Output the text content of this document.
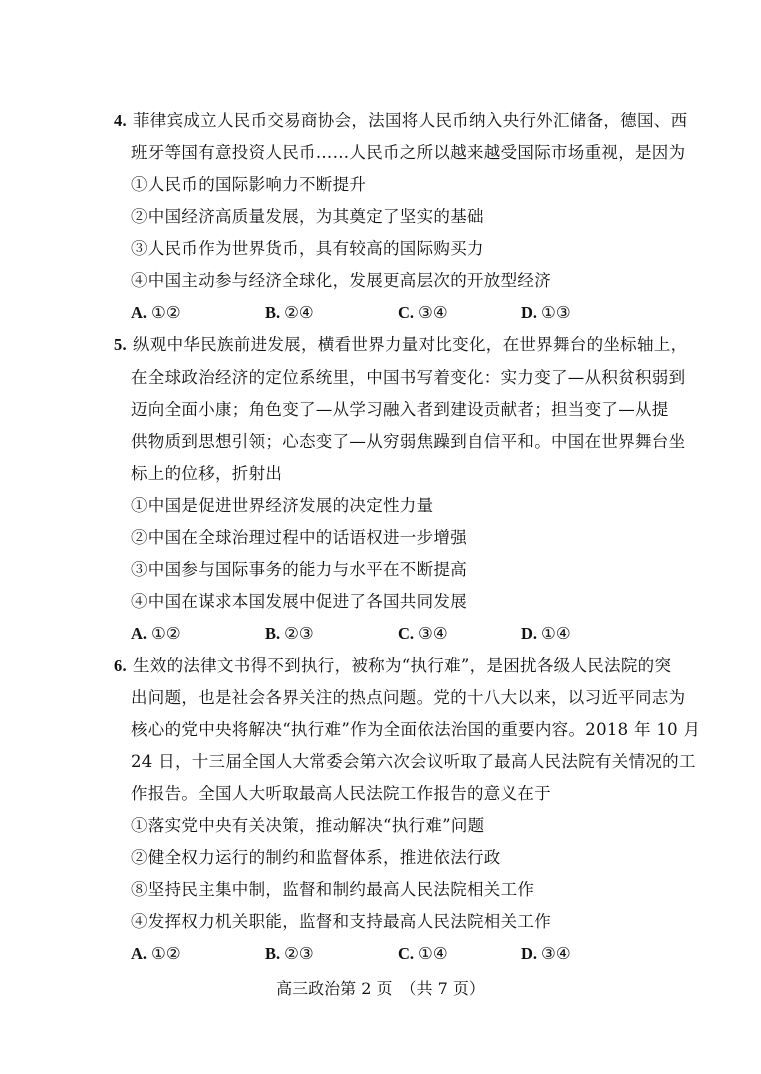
4. 菲律宾成立人民币交易商协会，法国将人民币纳入央行外汇储备，德国、西
班牙等国有意投资人民币……人民币之所以越来越受国际市场重视，是因为
①人民币的国际影响力不断提升
②中国经济高质量发展，为其奠定了坚实的基础
③人民币作为世界货币，具有较高的国际购买力
④中国主动参与经济全球化，发展更高层次的开放型经济
A. ①②	B. ②④	C. ③④	D. ①③
5. 纵观中华民族前进发展，横看世界力量对比变化，在世界舞台的坐标轴上，
在全球政治经济的定位系统里，中国书写着变化：实力变了—从积贫积弱到
迈向全面小康；角色变了—从学习融入者到建设贡献者；担当变了—从提
供物质到思想引领；心态变了—从穷弱焦躁到自信平和。中国在世界舞台坐
标上的位移，折射出
①中国是促进世界经济发展的决定性力量
②中国在全球治理过程中的话语权进一步增强
③中国参与国际事务的能力与水平在不断提高
④中国在谋求本国发展中促进了各国共同发展
A. ①②	B. ②③	C. ③④	D. ①④
6. 生效的法律文书得不到执行，被称为“执行难”，是困扰各级人民法院的突
出问题，也是社会各界关注的热点问题。党的十八大以来，以习近平同志为
核心的党中央将解决“执行难”作为全面依法治国的重要内容。2018 年 10 月
24 日，十三届全国人大常委会第六次会议听取了最高人民法院有关情况的工
作报告。全国人大听取最高人民法院工作报告的意义在于
①落实党中央有关决策，推动解决“执行难”问题
②健全权力运行的制约和监督体系，推进依法行政
⑧坚持民主集中制，监督和制约最高人民法院相关工作
④发挥权力机关职能，监督和支持最高人民法院相关工作
A. ①②	B. ②③	C. ①④	D. ③④
高三政治第 2 页　（共 7 页）
